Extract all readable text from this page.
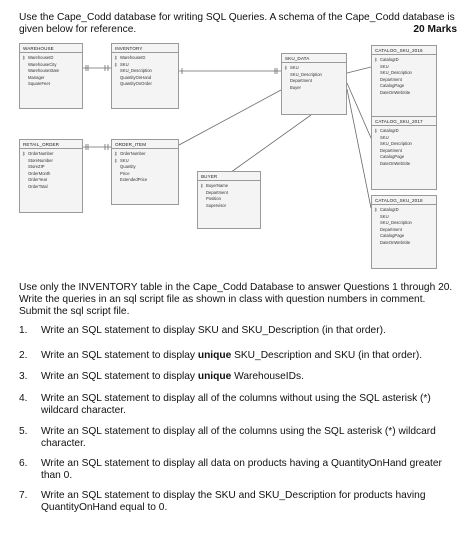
Use the Cape_Codd database for writing SQL Queries. A schema of the Cape_Codd database is given below for reference.	20 Marks
WAREHOUSE
⚷ WarehouseID
WarehouseCity
WarehouseState
Manager
SquareFeet
INVENTORY
⚷ WarehouseID
⚷ SKU
SKU_Description
QuantityOnHand
QuantityOnOrder
SKU_DATA
⚷ SKU
SKU_Description
Department
Buyer
CATALOG_SKU_2016
⚷ CatalogID
SKU
SKU_Description
Department
CatalogPage
DateOnWebSite
RETAIL_ORDER
⚷ OrderNumber
StoreNumber
StoreZIP
OrderMonth
OrderYear
OrderTotal
ORDER_ITEM
⚷ OrderNumber
⚷ SKU
Quantity
Price
ExtendedPrice
CATALOG_SKU_2017
⚷ CatalogID
SKU
SKU_Description
Department
CatalogPage
DateOnWebSite
BUYER
⚷ BuyerName
Department
Position
Supervisor
CATALOG_SKU_2018
⚷ CatalogID
SKU
SKU_Description
Department
CatalogPage
DateOnWebSite
Use only the INVENTORY table in the Cape_Codd Database to answer Questions 1 through 20. Write the queries in an sql script file as shown in class with question numbers in comment. Submit the sql script file.
1. Write an SQL statement to display SKU and SKU_Description (in that order).
2. Write an SQL statement to display unique SKU_Description and SKU (in that order).
3. Write an SQL statement to display unique WarehouseIDs.
4. Write an SQL statement to display all of the columns without using the SQL asterisk (*) wildcard character.
5. Write an SQL statement to display all of the columns using the SQL asterisk (*) wildcard character.
6. Write an SQL statement to display all data on products having a QuantityOnHand greater than 0.
7. Write an SQL statement to display the SKU and SKU_Description for products having QuantityOnHand equal to 0.
